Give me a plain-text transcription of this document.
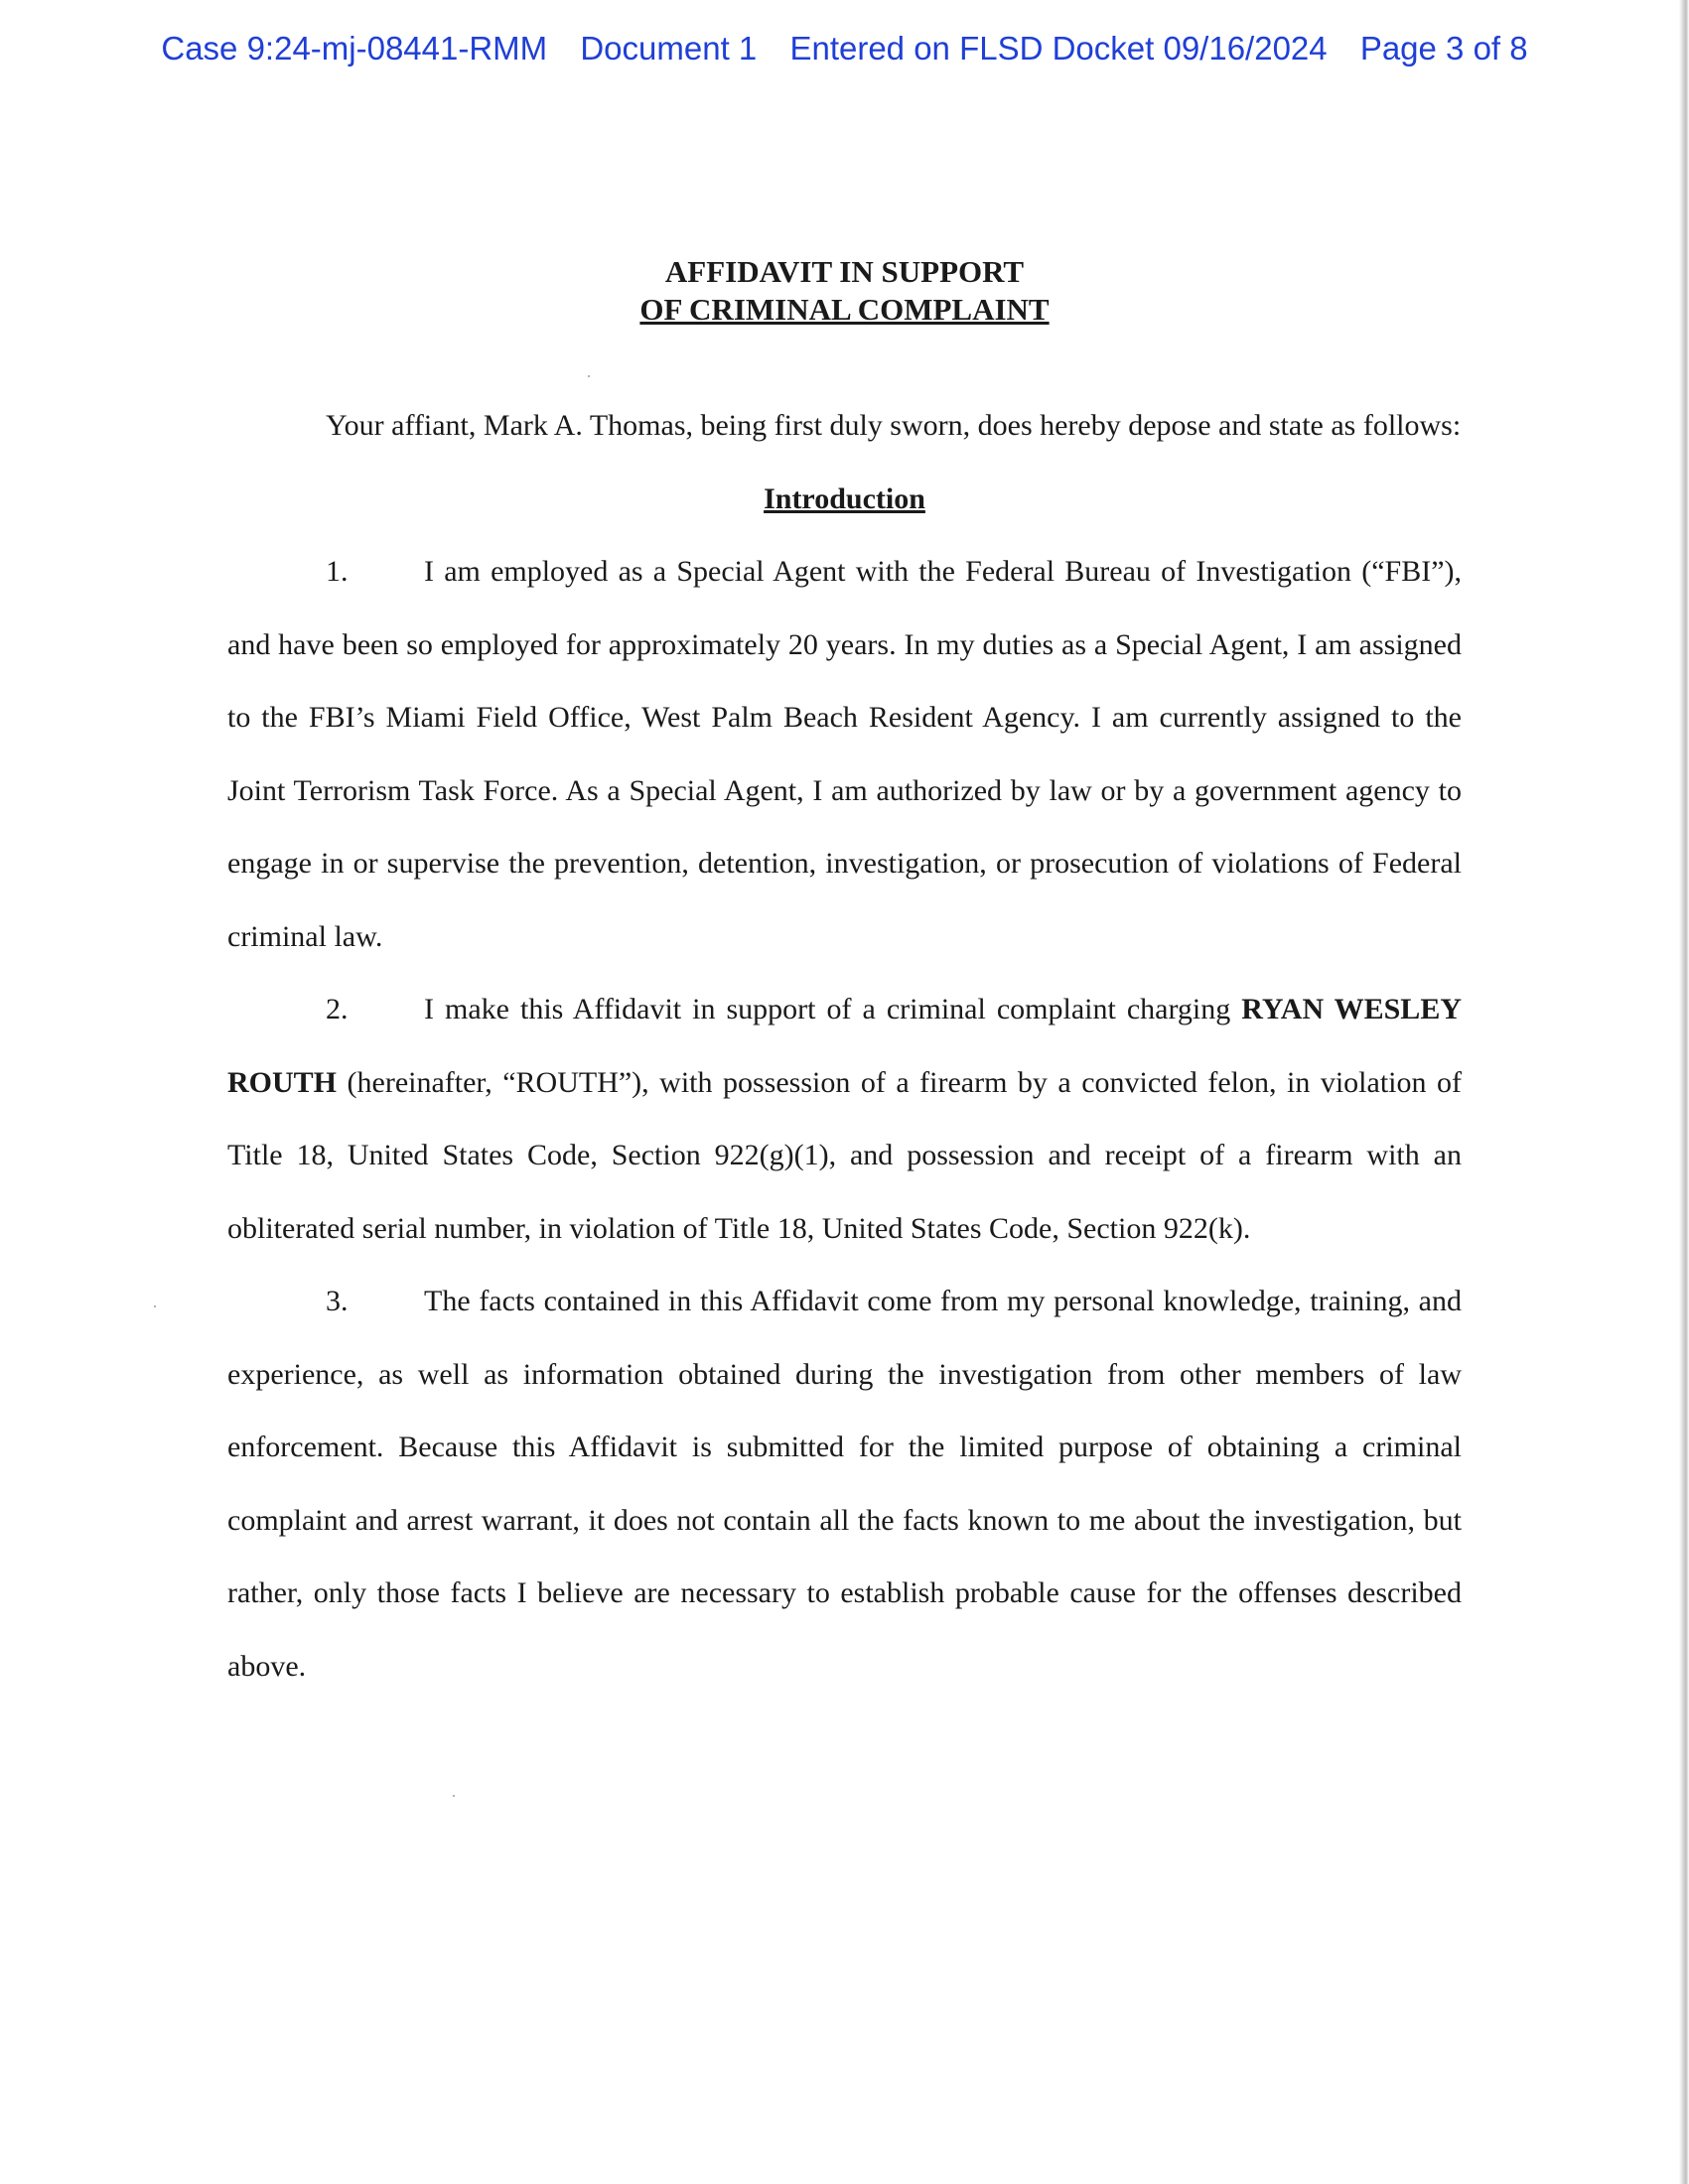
Case 9:24-mj-08441-RMM Document 1 Entered on FLSD Docket 09/16/2024 Page 3 of 8
AFFIDAVIT IN SUPPORT
OF CRIMINAL COMPLAINT

Your affiant, Mark A. Thomas, being first duly sworn, does hereby depose and state as follows:

Introduction

1.	I am employed as a Special Agent with the Federal Bureau of Investigation (“FBI”), and have been so employed for approximately 20 years. In my duties as a Special Agent, I am assigned to the FBI’s Miami Field Office, West Palm Beach Resident Agency. I am currently assigned to the Joint Terrorism Task Force. As a Special Agent, I am authorized by law or by a government agency to engage in or supervise the prevention, detention, investigation, or prosecution of violations of Federal criminal law.

2.	I make this Affidavit in support of a criminal complaint charging RYAN WESLEY ROUTH (hereinafter, “ROUTH”), with possession of a firearm by a convicted felon, in violation of Title 18, United States Code, Section 922(g)(1), and possession and receipt of a firearm with an obliterated serial number, in violation of Title 18, United States Code, Section 922(k).

3.	The facts contained in this Affidavit come from my personal knowledge, training, and experience, as well as information obtained during the investigation from other members of law enforcement. Because this Affidavit is submitted for the limited purpose of obtaining a criminal complaint and arrest warrant, it does not contain all the facts known to me about the investigation, but rather, only those facts I believe are necessary to establish probable cause for the offenses described above.
